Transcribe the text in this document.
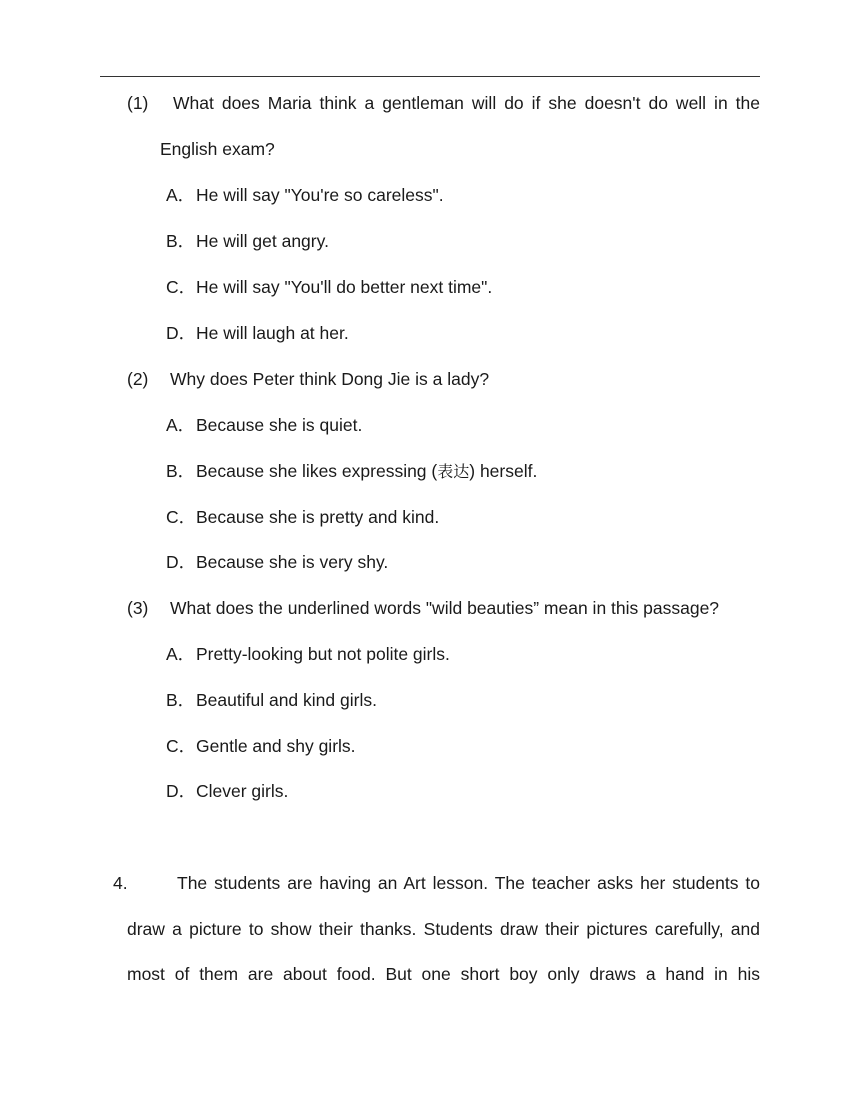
(1) What does Maria think a gentleman will do if she doesn't do well in the
English exam?
A．He will say "You're so careless".
B．He will get angry.
C．He will say "You'll do better next time".
D．He will laugh at her.
(2) Why does Peter think Dong Jie is a lady?
A．Because she is quiet.
B．Because she likes expressing (表达) herself.
C．Because she is pretty and kind.
D．Because she is very shy.
(3) What does the underlined words "wild beauties” mean in this passage?
A．Pretty-looking but not polite girls.
B．Beautiful and kind girls.
C．Gentle and shy girls.
D．Clever girls.
4.	The students are having an Art lesson. The teacher asks her students to
draw a picture to show their thanks. Students draw their pictures carefully, and
most of them are about food. But one short boy only draws a hand in his
